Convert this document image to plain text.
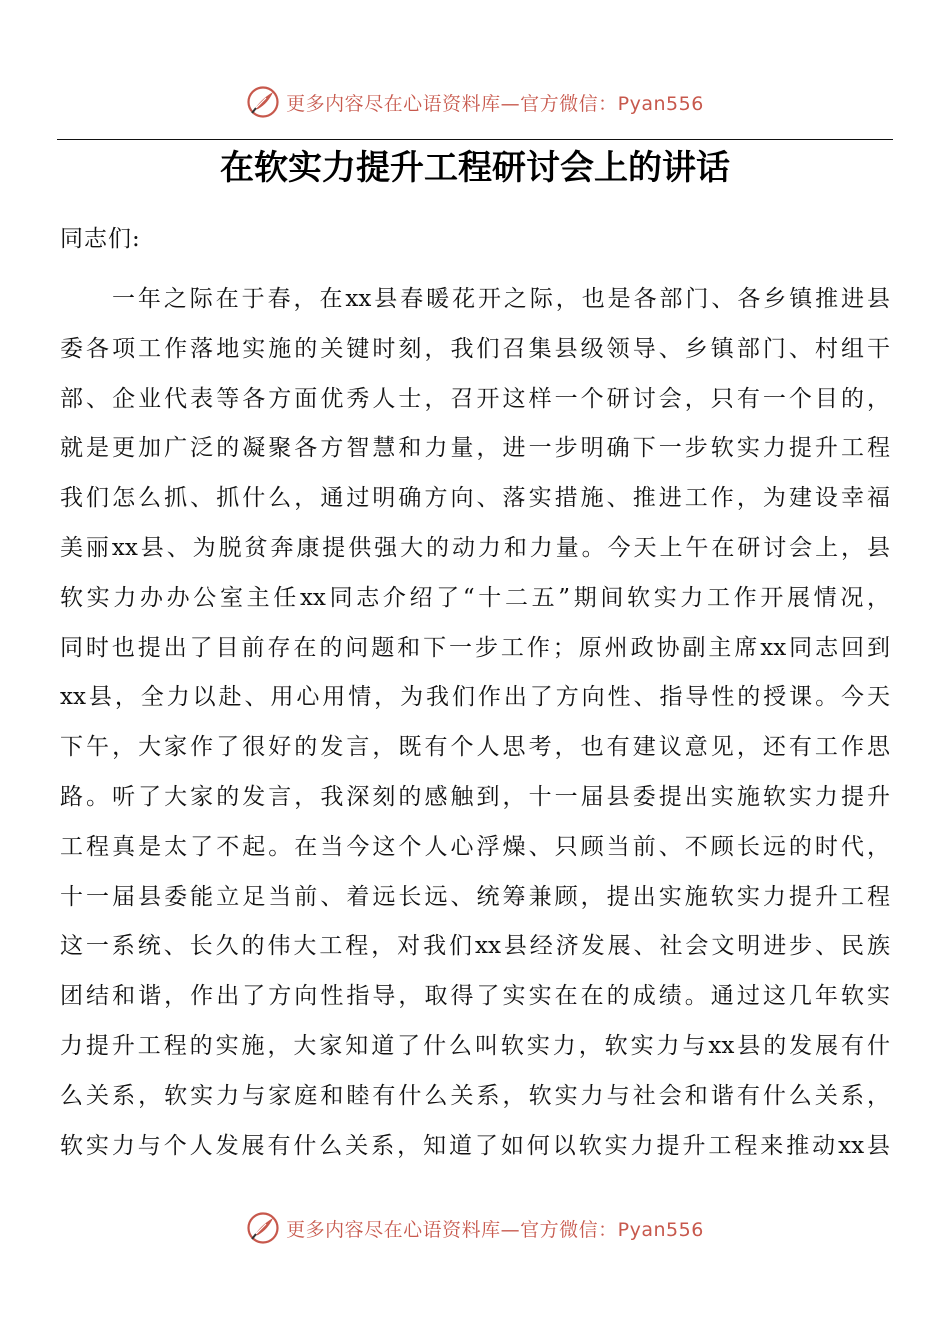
更多内容尽在心语资料库—官方微信：Pyan556
在软实力提升工程研讨会上的讲话
同志们:
一年之际在于春，在xx县春暖花开之际，也是各部门、各乡镇推进县
委各项工作落地实施的关键时刻，我们召集县级领导、乡镇部门、村组干
部、企业代表等各方面优秀人士，召开这样一个研讨会，只有一个目的，
就是更加广泛的凝聚各方智慧和力量，进一步明确下一步软实力提升工程
我们怎么抓、抓什么，通过明确方向、落实措施、推进工作，为建设幸福
美丽xx县、为脱贫奔康提供强大的动力和力量。今天上午在研讨会上，县
软实力办办公室主任xx同志介绍了“十二五”期间软实力工作开展情况，
同时也提出了目前存在的问题和下一步工作；原州政协副主席xx同志回到
xx县，全力以赴、用心用情，为我们作出了方向性、指导性的授课。今天
下午，大家作了很好的发言，既有个人思考，也有建议意见，还有工作思
路。听了大家的发言，我深刻的感触到，十一届县委提出实施软实力提升
工程真是太了不起。在当今这个人心浮燥、只顾当前、不顾长远的时代，
十一届县委能立足当前、着远长远、统筹兼顾，提出实施软实力提升工程
这一系统、长久的伟大工程，对我们xx县经济发展、社会文明进步、民族
团结和谐，作出了方向性指导，取得了实实在在的成绩。通过这几年软实
力提升工程的实施，大家知道了什么叫软实力，软实力与xx县的发展有什
么关系，软实力与家庭和睦有什么关系，软实力与社会和谐有什么关系，
软实力与个人发展有什么关系，知道了如何以软实力提升工程来推动xx县
更多内容尽在心语资料库—官方微信：Pyan556
